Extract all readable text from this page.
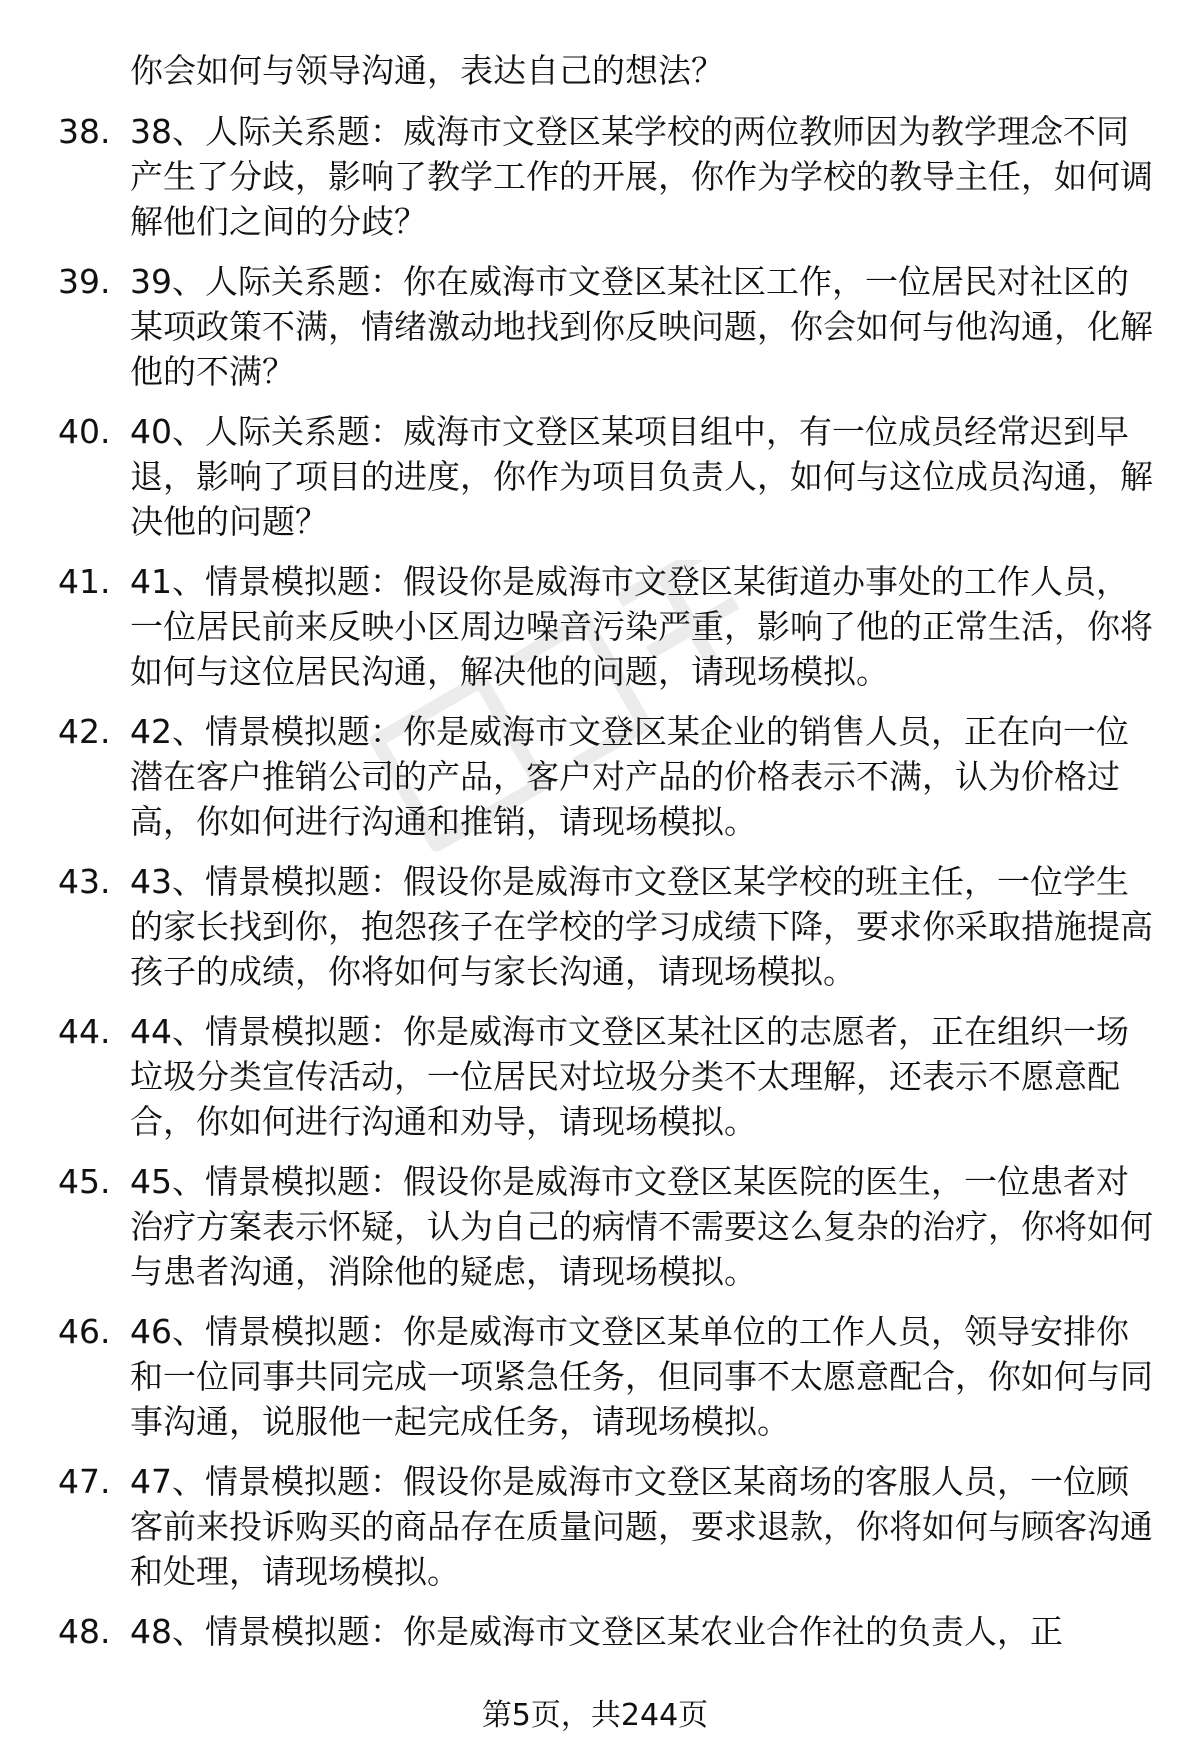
你会如何与领导沟通，表达自己的想法？

38. 38、人际关系题：威海市文登区某学校的两位教师因为教学理念不同产生了分歧，影响了教学工作的开展，你作为学校的教导主任，如何调解他们之间的分歧？
39. 39、人际关系题：你在威海市文登区某社区工作，一位居民对社区的某项政策不满，情绪激动地找到你反映问题，你会如何与他沟通，化解他的不满？
40. 40、人际关系题：威海市文登区某项目组中，有一位成员经常迟到早退，影响了项目的进度，你作为项目负责人，如何与这位成员沟通，解决他的问题？
41. 41、情景模拟题：假设你是威海市文登区某街道办事处的工作人员，一位居民前来反映小区周边噪音污染严重，影响了他的正常生活，你将如何与这位居民沟通，解决他的问题，请现场模拟。
42. 42、情景模拟题：你是威海市文登区某企业的销售人员，正在向一位潜在客户推销公司的产品，客户对产品的价格表示不满，认为价格过高，你如何进行沟通和推销，请现场模拟。
43. 43、情景模拟题：假设你是威海市文登区某学校的班主任，一位学生的家长找到你，抱怨孩子在学校的学习成绩下降，要求你采取措施提高孩子的成绩，你将如何与家长沟通，请现场模拟。
44. 44、情景模拟题：你是威海市文登区某社区的志愿者，正在组织一场垃圾分类宣传活动，一位居民对垃圾分类不太理解，还表示不愿意配合，你如何进行沟通和劝导，请现场模拟。
45. 45、情景模拟题：假设你是威海市文登区某医院的医生，一位患者对治疗方案表示怀疑，认为自己的病情不需要这么复杂的治疗，你将如何与患者沟通，消除他的疑虑，请现场模拟。
46. 46、情景模拟题：你是威海市文登区某单位的工作人员，领导安排你和一位同事共同完成一项紧急任务，但同事不太愿意配合，你如何与同事沟通，说服他一起完成任务，请现场模拟。
47. 47、情景模拟题：假设你是威海市文登区某商场的客服人员，一位顾客前来投诉购买的商品存在质量问题，要求退款，你将如何与顾客沟通和处理，请现场模拟。
48. 48、情景模拟题：你是威海市文登区某农业合作社的负责人，正
第5页，共244页
